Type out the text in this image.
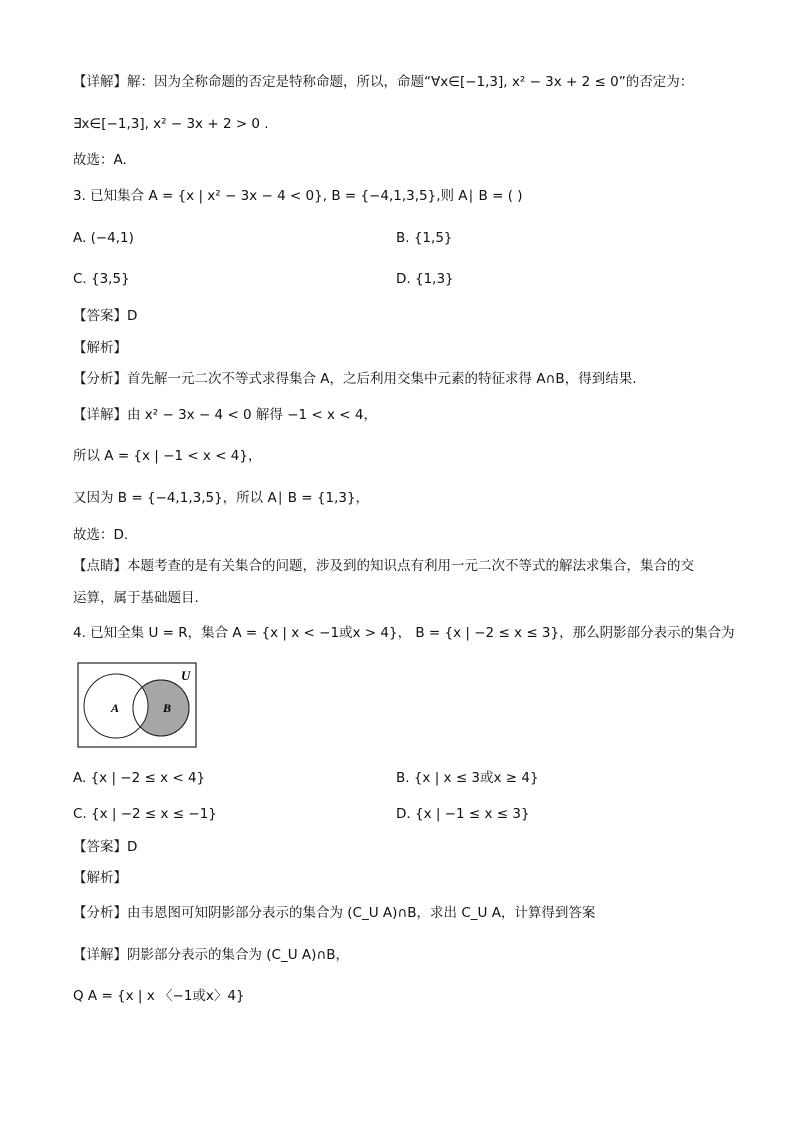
【详解】解：因为全称命题的否定是特称命题，所以，命题“∀x∈[−1,3], x² − 3x + 2 ≤ 0”的否定为：
∃x∈[−1,3], x² − 3x + 2 > 0 .
故选：A.
3. 已知集合 A = {x | x² − 3x − 4 < 0}, B = {−4,1,3,5},则 A∣ B = ( )
A. (−4,1)	B. {1,5}
C. {3,5}	D. {1,3}
【答案】D
【解析】
【分析】首先解一元二次不等式求得集合 A，之后利用交集中元素的特征求得 A∩B，得到结果.
【详解】由 x² − 3x − 4 < 0 解得 −1 < x < 4，
所以 A = {x | −1 < x < 4}，
又因为 B = {−4,1,3,5}，所以 A∣ B = {1,3}，
故选：D.
【点睛】本题考查的是有关集合的问题，涉及到的知识点有利用一元二次不等式的解法求集合，集合的交
运算，属于基础题目.
4. 已知全集 U = R，集合 A = {x | x < −1或x > 4}， B = {x | −2 ≤ x ≤ 3}，那么阴影部分表示的集合为
U
A	B
A. {x | −2 ≤ x < 4}	B. {x | x ≤ 3或x ≥ 4}
C. {x | −2 ≤ x ≤ −1}	D. {x | −1 ≤ x ≤ 3}
【答案】D
【解析】
【分析】由韦恩图可知阴影部分表示的集合为 (C_U A)∩B，求出 C_U A，计算得到答案
【详解】阴影部分表示的集合为 (C_U A)∩B，
Q A = {x | x 〈−1或x〉4}
